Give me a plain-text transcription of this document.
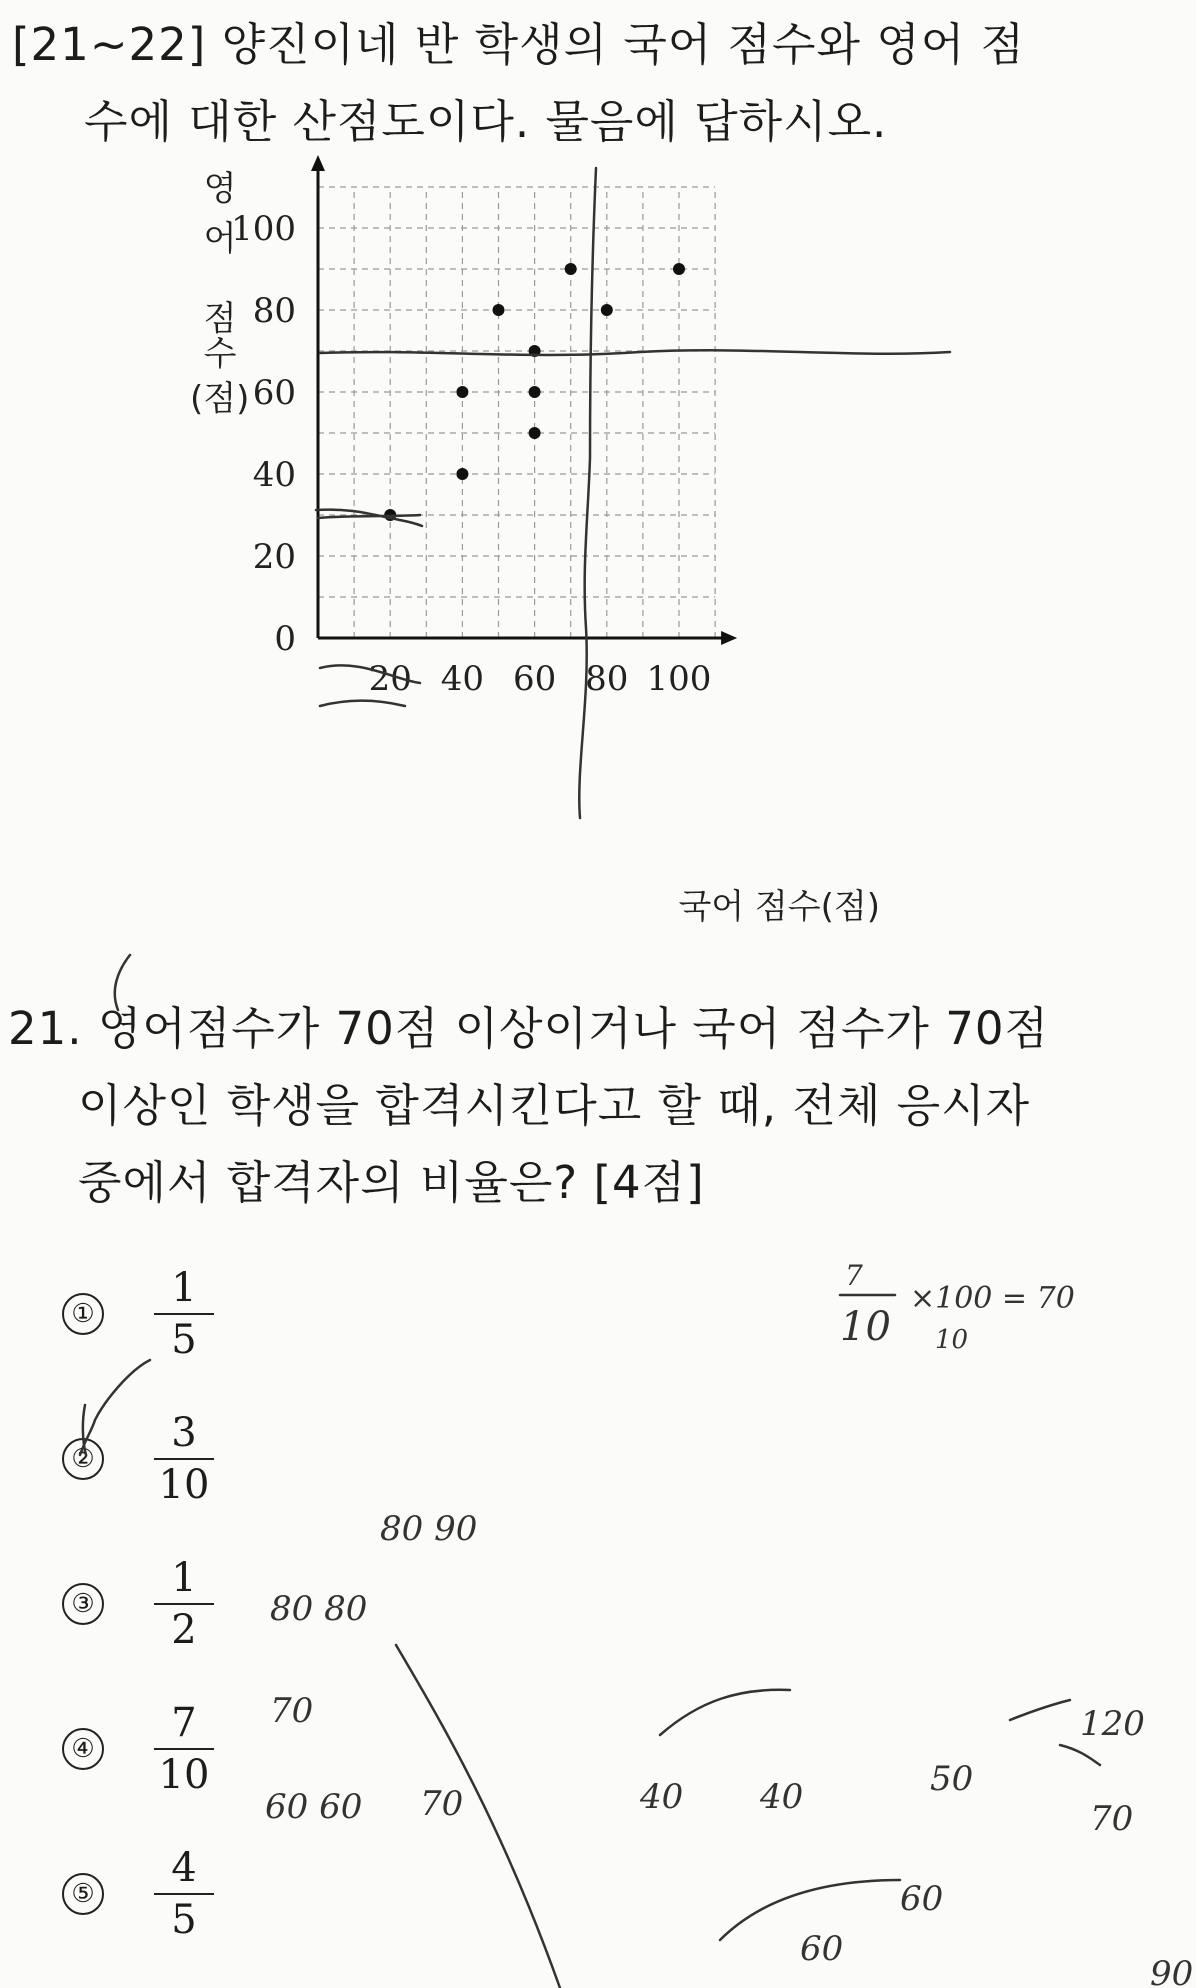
[21~22] 양진이네 반 학생의 국어 점수와 영어 점
수에 대한 산점도이다. 물음에 답하시오.
0
20
40
60
80
100
20 40 60 80 100
영
어
점
수
(점)
국어 점수(점)
21. 영어점수가 70점 이상이거나 국어 점수가 70점
이상인 학생을 합격시킨다고 할 때, 전체 응시자
중에서 합격자의 비율은? [4점]
①
1
5
②
3
10
③
1
2
④
7
10
⑤
4
5
7
10
×100 = 70
10
80 90
80 80
70
60 60 70	40 40	50
120
70
60
60
90
